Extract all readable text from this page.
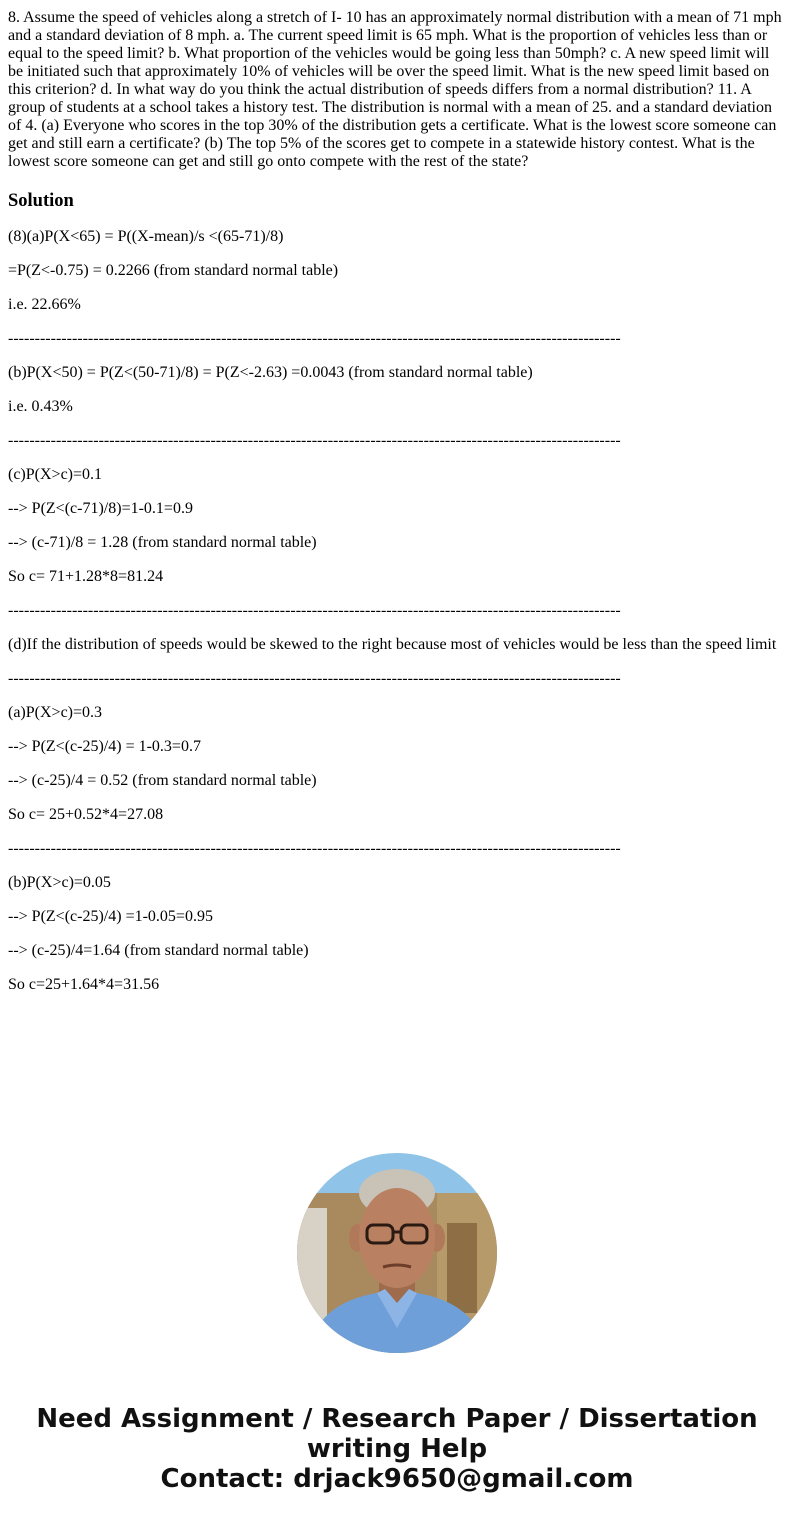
8. Assume the speed of vehicles along a stretch of I- 10 has an approximately normal distribution with a mean of 71 mph and a standard deviation of 8 mph. a. The current speed limit is 65 mph. What is the proportion of vehicles less than or equal to the speed limit? b. What proportion of the vehicles would be going less than 50mph? c. A new speed limit will be initiated such that approximately 10% of vehicles will be over the speed limit. What is the new speed limit based on this criterion? d. In what way do you think the actual distribution of speeds differs from a normal distribution? 11. A group of students at a school takes a history test. The distribution is normal with a mean of 25. and a standard deviation of 4. (a) Everyone who scores in the top 30% of the distribution gets a certificate. What is the lowest score someone can get and still earn a certificate? (b) The top 5% of the scores get to compete in a statewide history contest. What is the lowest score someone can get and still go onto compete with the rest of the state?
Solution
(8)(a)P(X<65) = P((X-mean)/s <(65-71)/8)
=P(Z<-0.75) = 0.2266 (from standard normal table)
i.e. 22.66%
-------------------------------------------------------------------------------------------------------------------
(b)P(X<50) = P(Z<(50-71)/8) = P(Z<-2.63) =0.0043 (from standard normal table)
i.e. 0.43%
-------------------------------------------------------------------------------------------------------------------
(c)P(X>c)=0.1
--> P(Z<(c-71)/8)=1-0.1=0.9
--> (c-71)/8 = 1.28 (from standard normal table)
So c= 71+1.28*8=81.24
-------------------------------------------------------------------------------------------------------------------
(d)If the distribution of speeds would be skewed to the right because most of vehicles would be less than the speed limit
-------------------------------------------------------------------------------------------------------------------
(a)P(X>c)=0.3
--> P(Z<(c-25)/4) = 1-0.3=0.7
--> (c-25)/4 = 0.52 (from standard normal table)
So c= 25+0.52*4=27.08
-------------------------------------------------------------------------------------------------------------------
(b)P(X>c)=0.05
--> P(Z<(c-25)/4) =1-0.05=0.95
--> (c-25)/4=1.64 (from standard normal table)
So c=25+1.64*4=31.56
Need Assignment / Research Paper / Dissertation
writing Help
Contact: drjack9650@gmail.com
